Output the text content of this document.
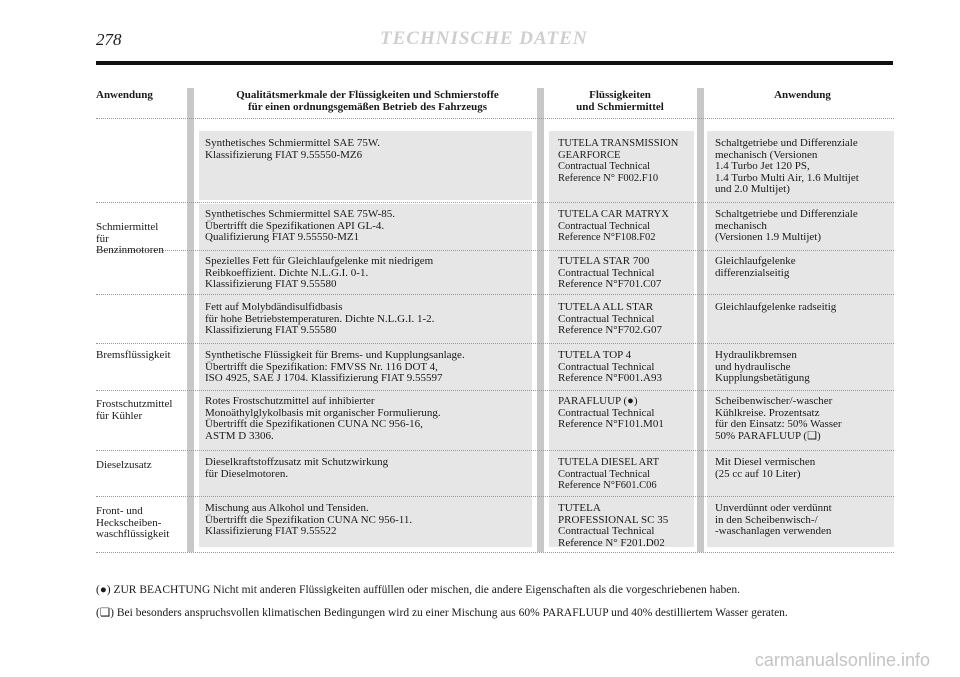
278	TECHNISCHE DATEN
Anwendung	Qualitätsmerkmale der Flüssigkeiten und Schmierstoffe
für einen ordnungsgemäßen Betrieb des Fahrzeugs
Flüssigkeiten
und Schmiermittel
Anwendung
Schmiermittel
für
Benzinmotoren
Bremsflüssigkeit
Frostschutzmittel
für Kühler
Dieselzusatz
Front- und
Heckscheiben-
waschflüssigkeit
Synthetisches Schmiermittel SAE 75W.
Klassifizierung FIAT 9.55550-MZ6
TUTELA TRANSMISSION
GEARFORCE
Contractual Technical
Reference N° F002.F10
Schaltgetriebe und Differenziale
mechanisch (Versionen
1.4 Turbo Jet 120 PS,
1.4 Turbo Multi Air, 1.6 Multijet
und 2.0 Multijet)
Synthetisches Schmiermittel SAE 75W-85.
Übertrifft die Spezifikationen API GL-4.
Qualifizierung FIAT 9.55550-MZ1
TUTELA CAR MATRYX
Contractual Technical
Reference N°F108.F02
Schaltgetriebe und Differenziale
mechanisch
(Versionen 1.9 Multijet)
Spezielles Fett für Gleichlaufgelenke mit niedrigem
Reibkoeffizient. Dichte N.L.G.I. 0-1.
Klassifizierung FIAT 9.55580
TUTELA STAR 700
Contractual Technical
Reference N°F701.C07
Gleichlaufgelenke
differenzialseitig
Fett auf Molybdändisulfidbasis
für hohe Betriebstemperaturen. Dichte N.L.G.I. 1-2.
Klassifizierung FIAT 9.55580
TUTELA ALL STAR
Contractual Technical
Reference N°F702.G07
Gleichlaufgelenke radseitig
Synthetische Flüssigkeit für Brems- und Kupplungsanlage.
Übertrifft die Spezifikation: FMVSS Nr. 116 DOT 4,
ISO 4925, SAE J 1704. Klassifizierung FIAT 9.55597
TUTELA TOP 4
Contractual Technical
Reference N°F001.A93
Hydraulikbremsen
und hydraulische
Kupplungsbetätigung
Rotes Frostschutzmittel auf inhibierter
Monoäthylglykolbasis mit organischer Formulierung.
Übertrifft die Spezifikationen CUNA NC 956-16,
ASTM D 3306.
PARAFLUUP (●)
Contractual Technical
Reference N°F101.M01
Scheibenwischer/-wascher
Kühlkreise. Prozentsatz
für den Einsatz: 50% Wasser
50% PARAFLUUP (❑)
Dieselkraftstoffzusatz mit Schutzwirkung
für Dieselmotoren.
TUTELA DIESEL ART
Contractual Technical
Reference N°F601.C06
Mit Diesel vermischen
(25 cc auf 10 Liter)
Mischung aus Alkohol und Tensiden.
Übertrifft die Spezifikation CUNA NC 956-11.
Klassifizierung FIAT 9.55522
TUTELA
PROFESSIONAL SC 35
Contractual Technical
Reference N° F201.D02
Unverdünnt oder verdünnt
in den Scheibenwisch-/
-waschanlagen verwenden
(●) ZUR BEACHTUNG Nicht mit anderen Flüssigkeiten auffüllen oder mischen, die andere Eigenschaften als die vorgeschriebenen haben.
(❑) Bei besonders anspruchsvollen klimatischen Bedingungen wird zu einer Mischung aus 60% PARAFLUUP und 40% destilliertem Wasser geraten.
carmanualsonline.info
